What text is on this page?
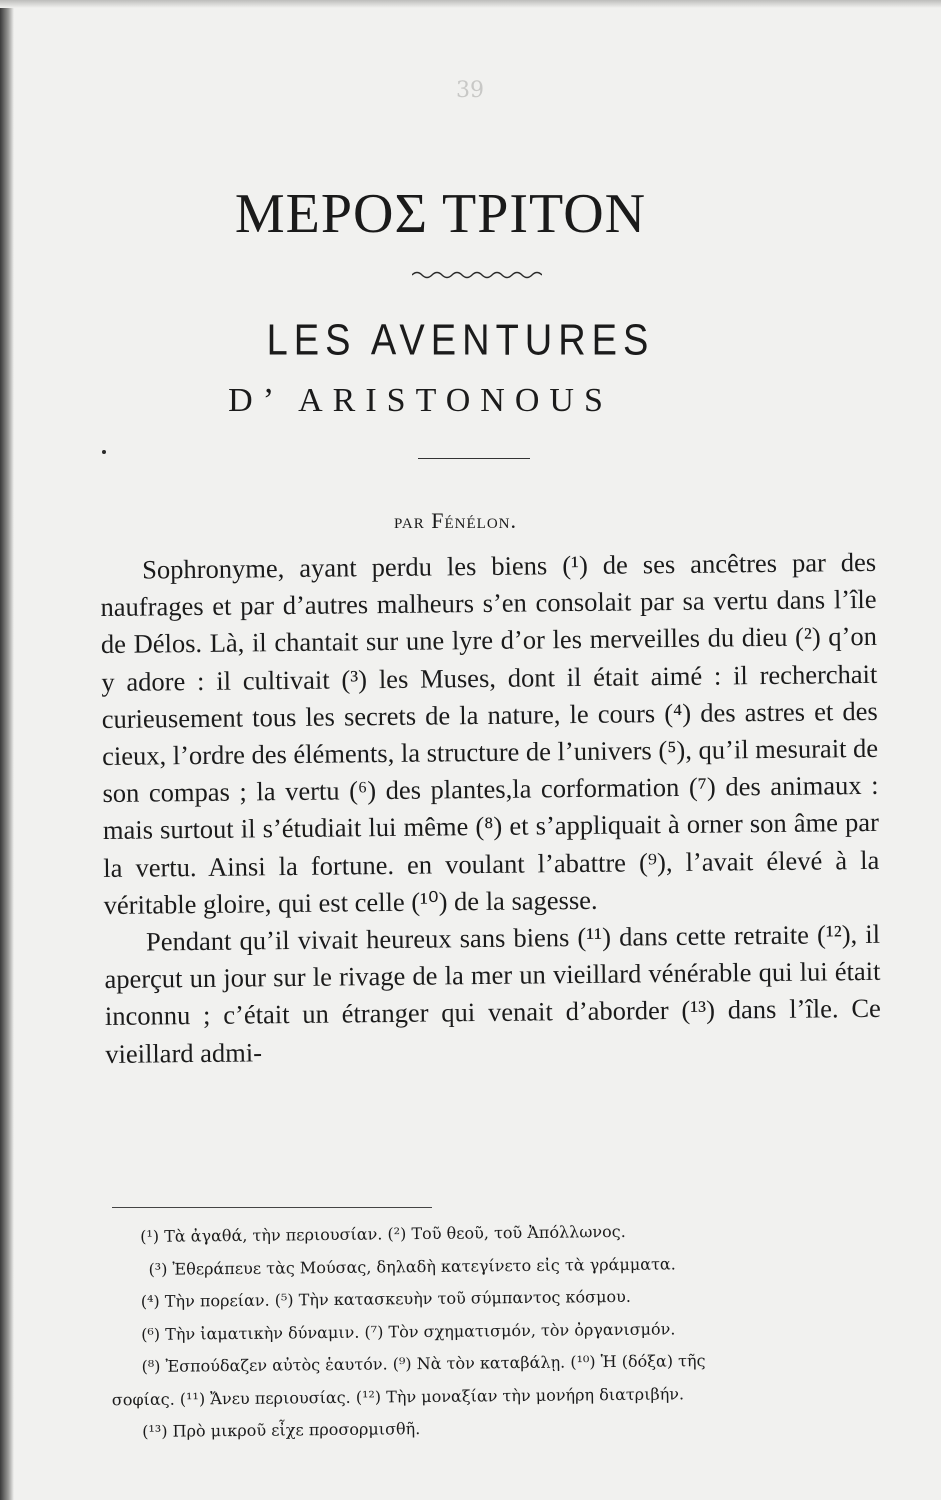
39
ΜΕΡΟΣ ΤΡΙΤΟΝ
LES AVENTURES
D’ ARISTONOUS
par Fénélon.

Sophronyme, ayant perdu les biens (¹) de ses ancêtres par des naufrages et par d’autres malheurs s’en consolait par sa vertu dans l’île de Délos. Là, il chantait sur une lyre d’or les merveilles du dieu (²) q’on y adore : il cultivait (³) les Muses, dont il était aimé : il recherchait curieusement tous les secrets de la nature, le cours (⁴) des astres et des cieux, l’ordre des éléments, la structure de l’univers (⁵), qu’il mesurait de son compas ; la vertu (⁶) des plantes,la corformation (⁷) des animaux : mais surtout il s’étudiait lui même (⁸) et s’appliquait à orner son âme par la vertu. Ainsi la fortune. en voulant l’abattre (⁹), l’avait élevé à la véritable gloire, qui est celle (¹⁰) de la sagesse.

Pendant qu’il vivait heureux sans biens (¹¹) dans cette retraite (¹²), il aperçut un jour sur le rivage de la mer un vieillard vénérable qui lui était inconnu ; c’était un étranger qui venait d’aborder (¹³) dans l’île. Ce vieillard admi-

(¹) Τὰ ἀγαθά, τὴν περιουσίαν. (²) Τοῦ θεοῦ, τοῦ Ἀπόλλωνος.
(³) Ἐθεράπευε τὰς Μούσας, δηλαδὴ κατεγίνετο εἰς τὰ γράμματα.
(⁴) Τὴν πορείαν. (⁵) Τὴν κατασκευὴν τοῦ σύμπαντος κόσμου.
(⁶) Τὴν ἰαματικὴν δύναμιν. (⁷) Τὸν σχηματισμόν, τὸν ὀργανισμόν.
(⁸) Ἐσπούδαζεν αὐτὸς ἑαυτόν. (⁹) Νὰ τὸν καταβάλῃ. (¹⁰) Ἡ (δόξα) τῆς
σοφίας. (¹¹) Ἄνευ περιουσίας. (¹²) Τὴν μοναξίαν τὴν μονήρη διατριβήν.
(¹³) Πρὸ μικροῦ εἶχε προσορμισθῆ.
